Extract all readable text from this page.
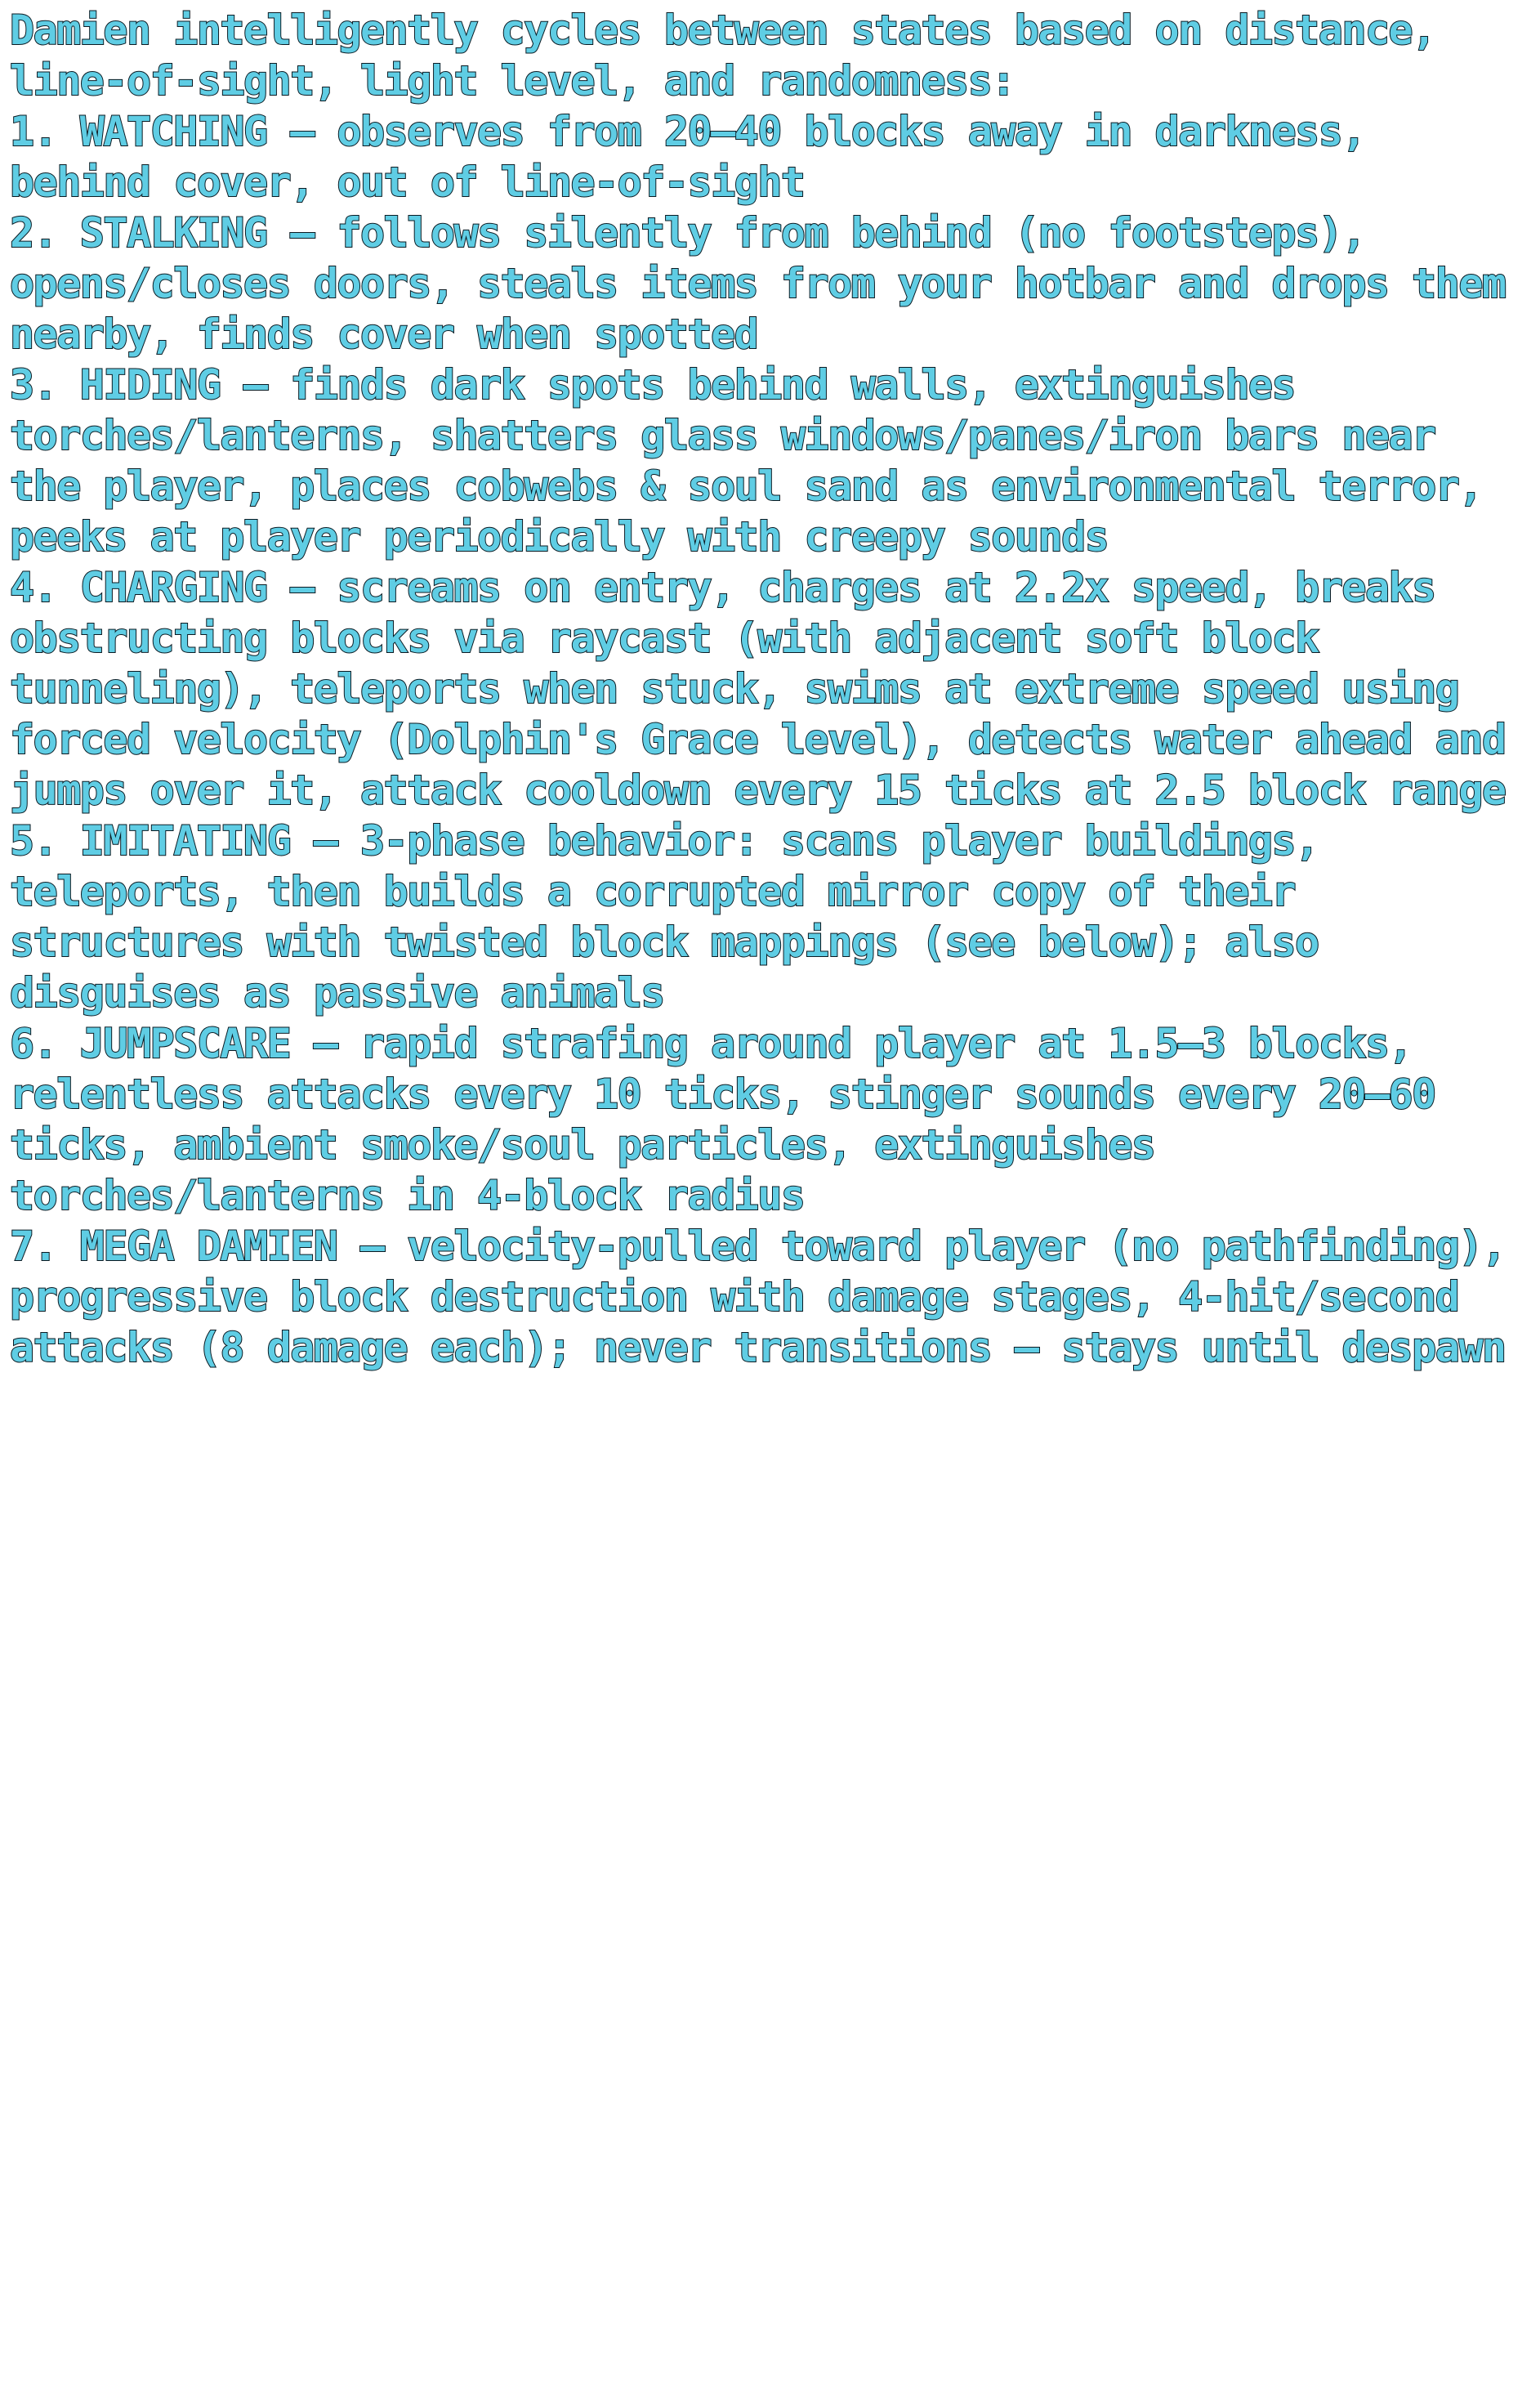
Damien intelligently cycles between states based on distance, line-of-sight, light level, and randomness:

1. WATCHING — observes from 20–40 blocks away in darkness, behind cover, out of line-of-sight

2. STALKING — follows silently from behind (no footsteps), opens/closes doors, steals items from your hotbar and drops them nearby, finds cover when spotted

3. HIDING — finds dark spots behind walls, extinguishes torches/lanterns, shatters glass windows/panes/iron bars near the player, places cobwebs & soul sand as environmental terror, peeks at player periodically with creepy sounds

4. CHARGING — screams on entry, charges at 2.2x speed, breaks obstructing blocks via raycast (with adjacent soft block tunneling), teleports when stuck, swims at extreme speed using forced velocity (Dolphin's Grace level), detects water ahead and jumps over it, attack cooldown every 15 ticks at 2.5 block range

5. IMITATING — 3-phase behavior: scans player buildings, teleports, then builds a corrupted mirror copy of their structures with twisted block mappings (see below); also disguises as passive animals

6. JUMPSCARE — rapid strafing around player at 1.5–3 blocks, relentless attacks every 10 ticks, stinger sounds every 20–60 ticks, ambient smoke/soul particles, extinguishes torches/lanterns in 4-block radius

7. MEGA DAMIEN — velocity-pulled toward player (no pathfinding), progressive block destruction with damage stages, 4-hit/second attacks (8 damage each); never transitions — stays until despawn
